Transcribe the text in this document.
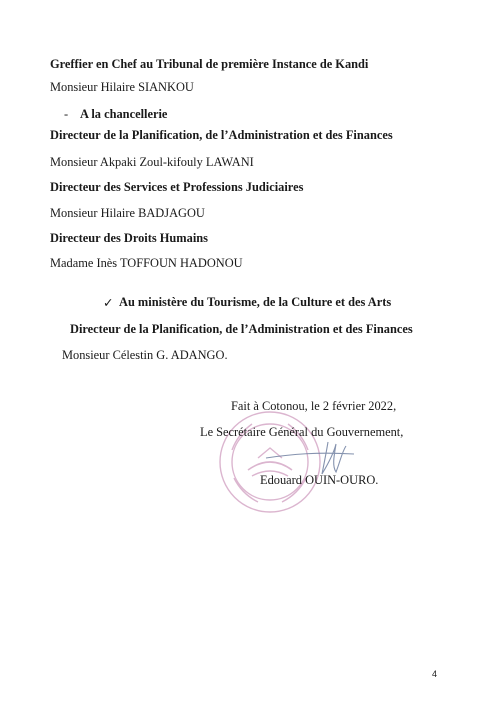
Greffier en Chef au Tribunal de première Instance de Kandi
Monsieur Hilaire SIANKOU
- A la chancellerie
Directeur de la Planification, de l’Administration et des Finances
Monsieur Akpaki Zoul-kifouly LAWANI
Directeur des Services et Professions Judiciaires
Monsieur Hilaire BADJAGOU
Directeur des Droits Humains
Madame Inès TOFFOUN HADONOU
✓ Au ministère du Tourisme, de la Culture et des Arts
Directeur de la Planification, de l’Administration et des Finances
Monsieur Célestin G. ADANGO.
Fait à Cotonou, le 2 février 2022,
Le Secrétaire Général du Gouvernement,
Edouard OUIN-OURO.
4
